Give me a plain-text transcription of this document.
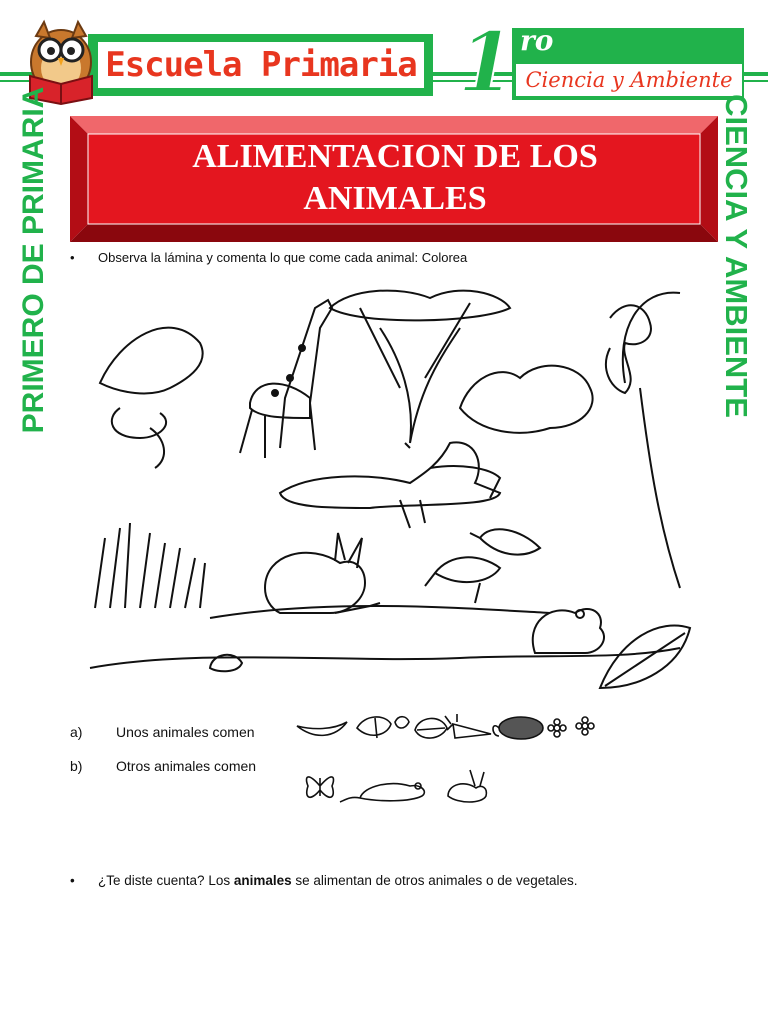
Escuela Primaria	Ciencia y Ambiente
1 ro
PRIMERO DE PRIMARIA	CIENCIA Y AMBIENTE
ALIMENTACION DE LOS
ANIMALES
• Observa la lámina y comenta lo que come cada animal: Colorea
a) Unos animales comen
b) Otros animales comen
• ¿Te diste cuenta? Los animales se alimentan de otros animales o de vegetales.
